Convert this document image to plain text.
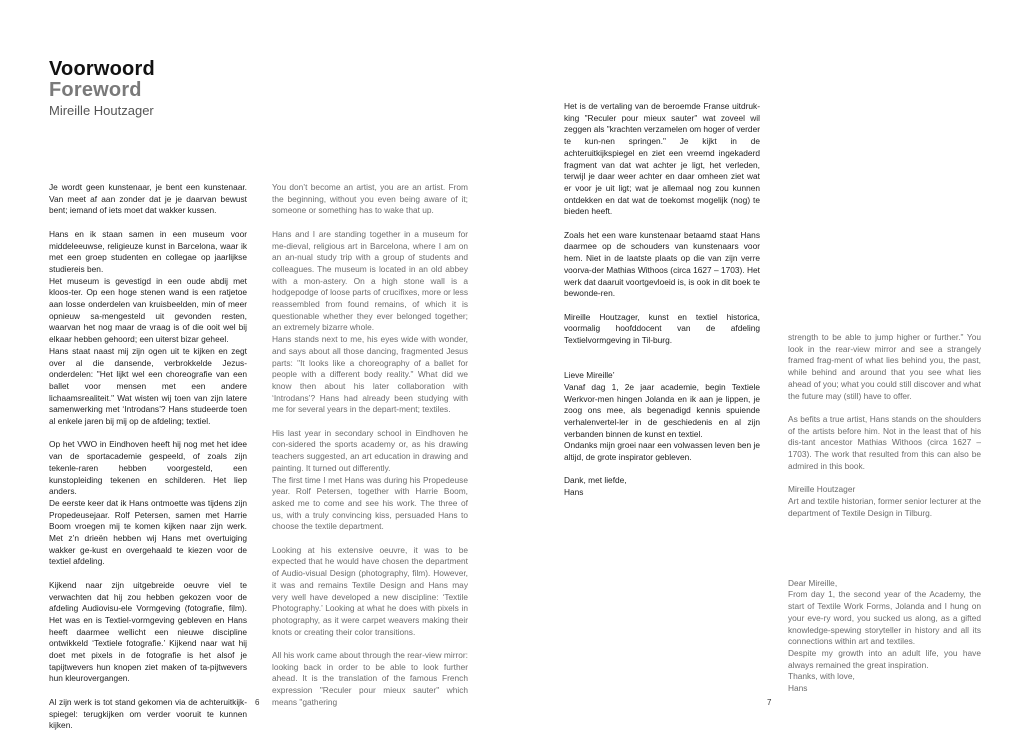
Voorwoord
Foreword
Mireille Houtzager

Je wordt geen kunstenaar, je bent een kunstenaar. Van meet af aan zonder dat je je daarvan bewust bent; iemand of iets moet dat wakker kussen.

Hans en ik staan samen in een museum voor middeleeuwse, religieuze kunst in Barcelona, waar ik met een groep studenten en collegae op jaarlijkse studiereis ben.

Het museum is gevestigd in een oude abdij met kloos-ter. Op een hoge stenen wand is een ratjetoe aan losse onderdelen van kruisbeelden, min of meer opnieuw sa-mengesteld uit gevonden resten, waarvan het nog maar de vraag is of die ooit wel bij elkaar hebben gehoord; een uiterst bizar geheel.

Hans staat naast mij zijn ogen uit te kijken en zegt over al die dansende, verbrokkelde Jezus-onderdelen: "Het lijkt wel een choreografie van een ballet voor mensen met een andere lichaamsrealiteit." Wat wisten wij toen van zijn latere samenwerking met ‘Introdans’? Hans studeerde toen al enkele jaren bij mij op de afdeling; textiel.

Op het VWO in Eindhoven heeft hij nog met het idee van de sportacademie gespeeld, of zoals zijn tekenle-raren hebben voorgesteld, een kunstopleiding tekenen en schilderen. Het liep anders.

De eerste keer dat ik Hans ontmoette was tijdens zijn Propedeusejaar. Rolf Petersen, samen met Harrie Boom vroegen mij te komen kijken naar zijn werk. Met z’n drieën hebben wij Hans met overtuiging wakker ge-kust en overgehaald te kiezen voor de textiel afdeling.

Kijkend naar zijn uitgebreide oeuvre viel te verwachten dat hij zou hebben gekozen voor de afdeling Audiovisu-ele Vormgeving (fotografie, film). Het was en is Textiel-vormgeving gebleven en Hans heeft daarmee wellicht een nieuwe discipline ontwikkeld ‘Textiele fotografie.’ Kijkend naar wat hij doet met pixels in de fotografie is het alsof je tapijtwevers hun knopen ziet maken of ta-pijtwevers hun kleurovergangen.

Al zijn werk is tot stand gekomen via de achteruitkijk-spiegel: terugkijken om verder vooruit te kunnen kijken.

You don’t become an artist, you are an artist. From the beginning, without you even being aware of it; someone or something has to wake that up.

Hans and I are standing together in a museum for me-dieval, religious art in Barcelona, where I am on an an-nual study trip with a group of students and colleagues. The museum is located in an old abbey with a mon-astery. On a high stone wall is a hodgepodge of loose parts of crucifixes, more or less reassembled from found remains, of which it is questionable whether they ever belonged together; an extremely bizarre whole.

Hans stands next to me, his eyes wide with wonder, and says about all those dancing, fragmented Jesus parts: "It looks like a choreography of a ballet for people with a different body reality." What did we know then about his later collaboration with ‘Introdans’? Hans had already been studying with me for several years in the depart-ment; textiles.

His last year in secondary school in Eindhoven he con-sidered the sports academy or, as his drawing teachers suggested, an art education in drawing and painting. It turned out differently.

The first time I met Hans was during his Propedeuse year. Rolf Petersen, together with Harrie Boom, asked me to come and see his work. The three of us, with a truly convincing kiss, persuaded Hans to choose the textile department.

Looking at his extensive oeuvre, it was to be expected that he would have chosen the department of Audio-visual Design (photography, film). However, it was and remains Textile Design and Hans may very well have developed a new discipline: ‘Textile Photography.’ Looking at what he does with pixels in photography, as it were carpet weavers making their knots or creating their color transitions.

All his work came about through the rear-view mirror: looking back in order to be able to look further ahead. It is the translation of the famous French expression "Reculer pour mieux sauter" which means "gathering

Het is de vertaling van de beroemde Franse uitdruk-king "Reculer pour mieux sauter" wat zoveel wil zeggen als "krachten verzamelen om hoger of verder te kun-nen springen." Je kijkt in de achteruitkijkspiegel en ziet een vreemd ingekaderd fragment van dat wat achter je ligt, het verleden, terwijl je daar weer achter en daar omheen ziet wat er voor je uit ligt; wat je allemaal nog zou kunnen ontdekken en dat wat de toekomst mogelijk (nog) te bieden heeft.

Zoals het een ware kunstenaar betaamd staat Hans daarmee op de schouders van kunstenaars voor hem. Niet in de laatste plaats op die van zijn verre voorva-der Mathias Withoos (circa 1627 – 1703). Het werk dat daaruit voortgevloeid is, is ook in dit boek te bewonde-ren.

Mireille Houtzager, kunst en textiel historica, voormalig hoofddocent van de afdeling Textielvormgeving in Til-burg.

Lieve Mireille’

Vanaf dag 1, 2e jaar academie, begin Textiele Werkvor-men hingen Jolanda en ik aan je lippen, je zoog ons mee, als begenadigd kennis spuiende verhalenvertel-ler in de geschiedenis en al zijn verbanden binnen de kunst en textiel.

Ondanks mijn groei naar een volwassen leven ben je altijd, de grote inspirator gebleven.

Dank, met liefde,

Hans

strength to be able to jump higher or further." You look in the rear-view mirror and see a strangely framed frag-ment of what lies behind you, the past, while behind and around that you see what lies ahead of you; what you could still discover and what the future may (still) have to offer.

As befits a true artist, Hans stands on the shoulders of the artists before him. Not in the least that of his dis-tant ancestor Mathias Withoos (circa 1627 – 1703). The work that resulted from this can also be admired in this book.

Mireille Houtzager

Art and textile historian, former senior lecturer at the department of Textile Design in Tilburg.

Dear Mireille,

From day 1, the second year of the Academy, the start of Textile Work Forms, Jolanda and I hung on your eve-ry word, you sucked us along, as a gifted knowledge-spewing storyteller in history and all its connections within art and textiles.

Despite my growth into an adult life, you have always remained the great inspiration.

Thanks, with love,

Hans

6	7
